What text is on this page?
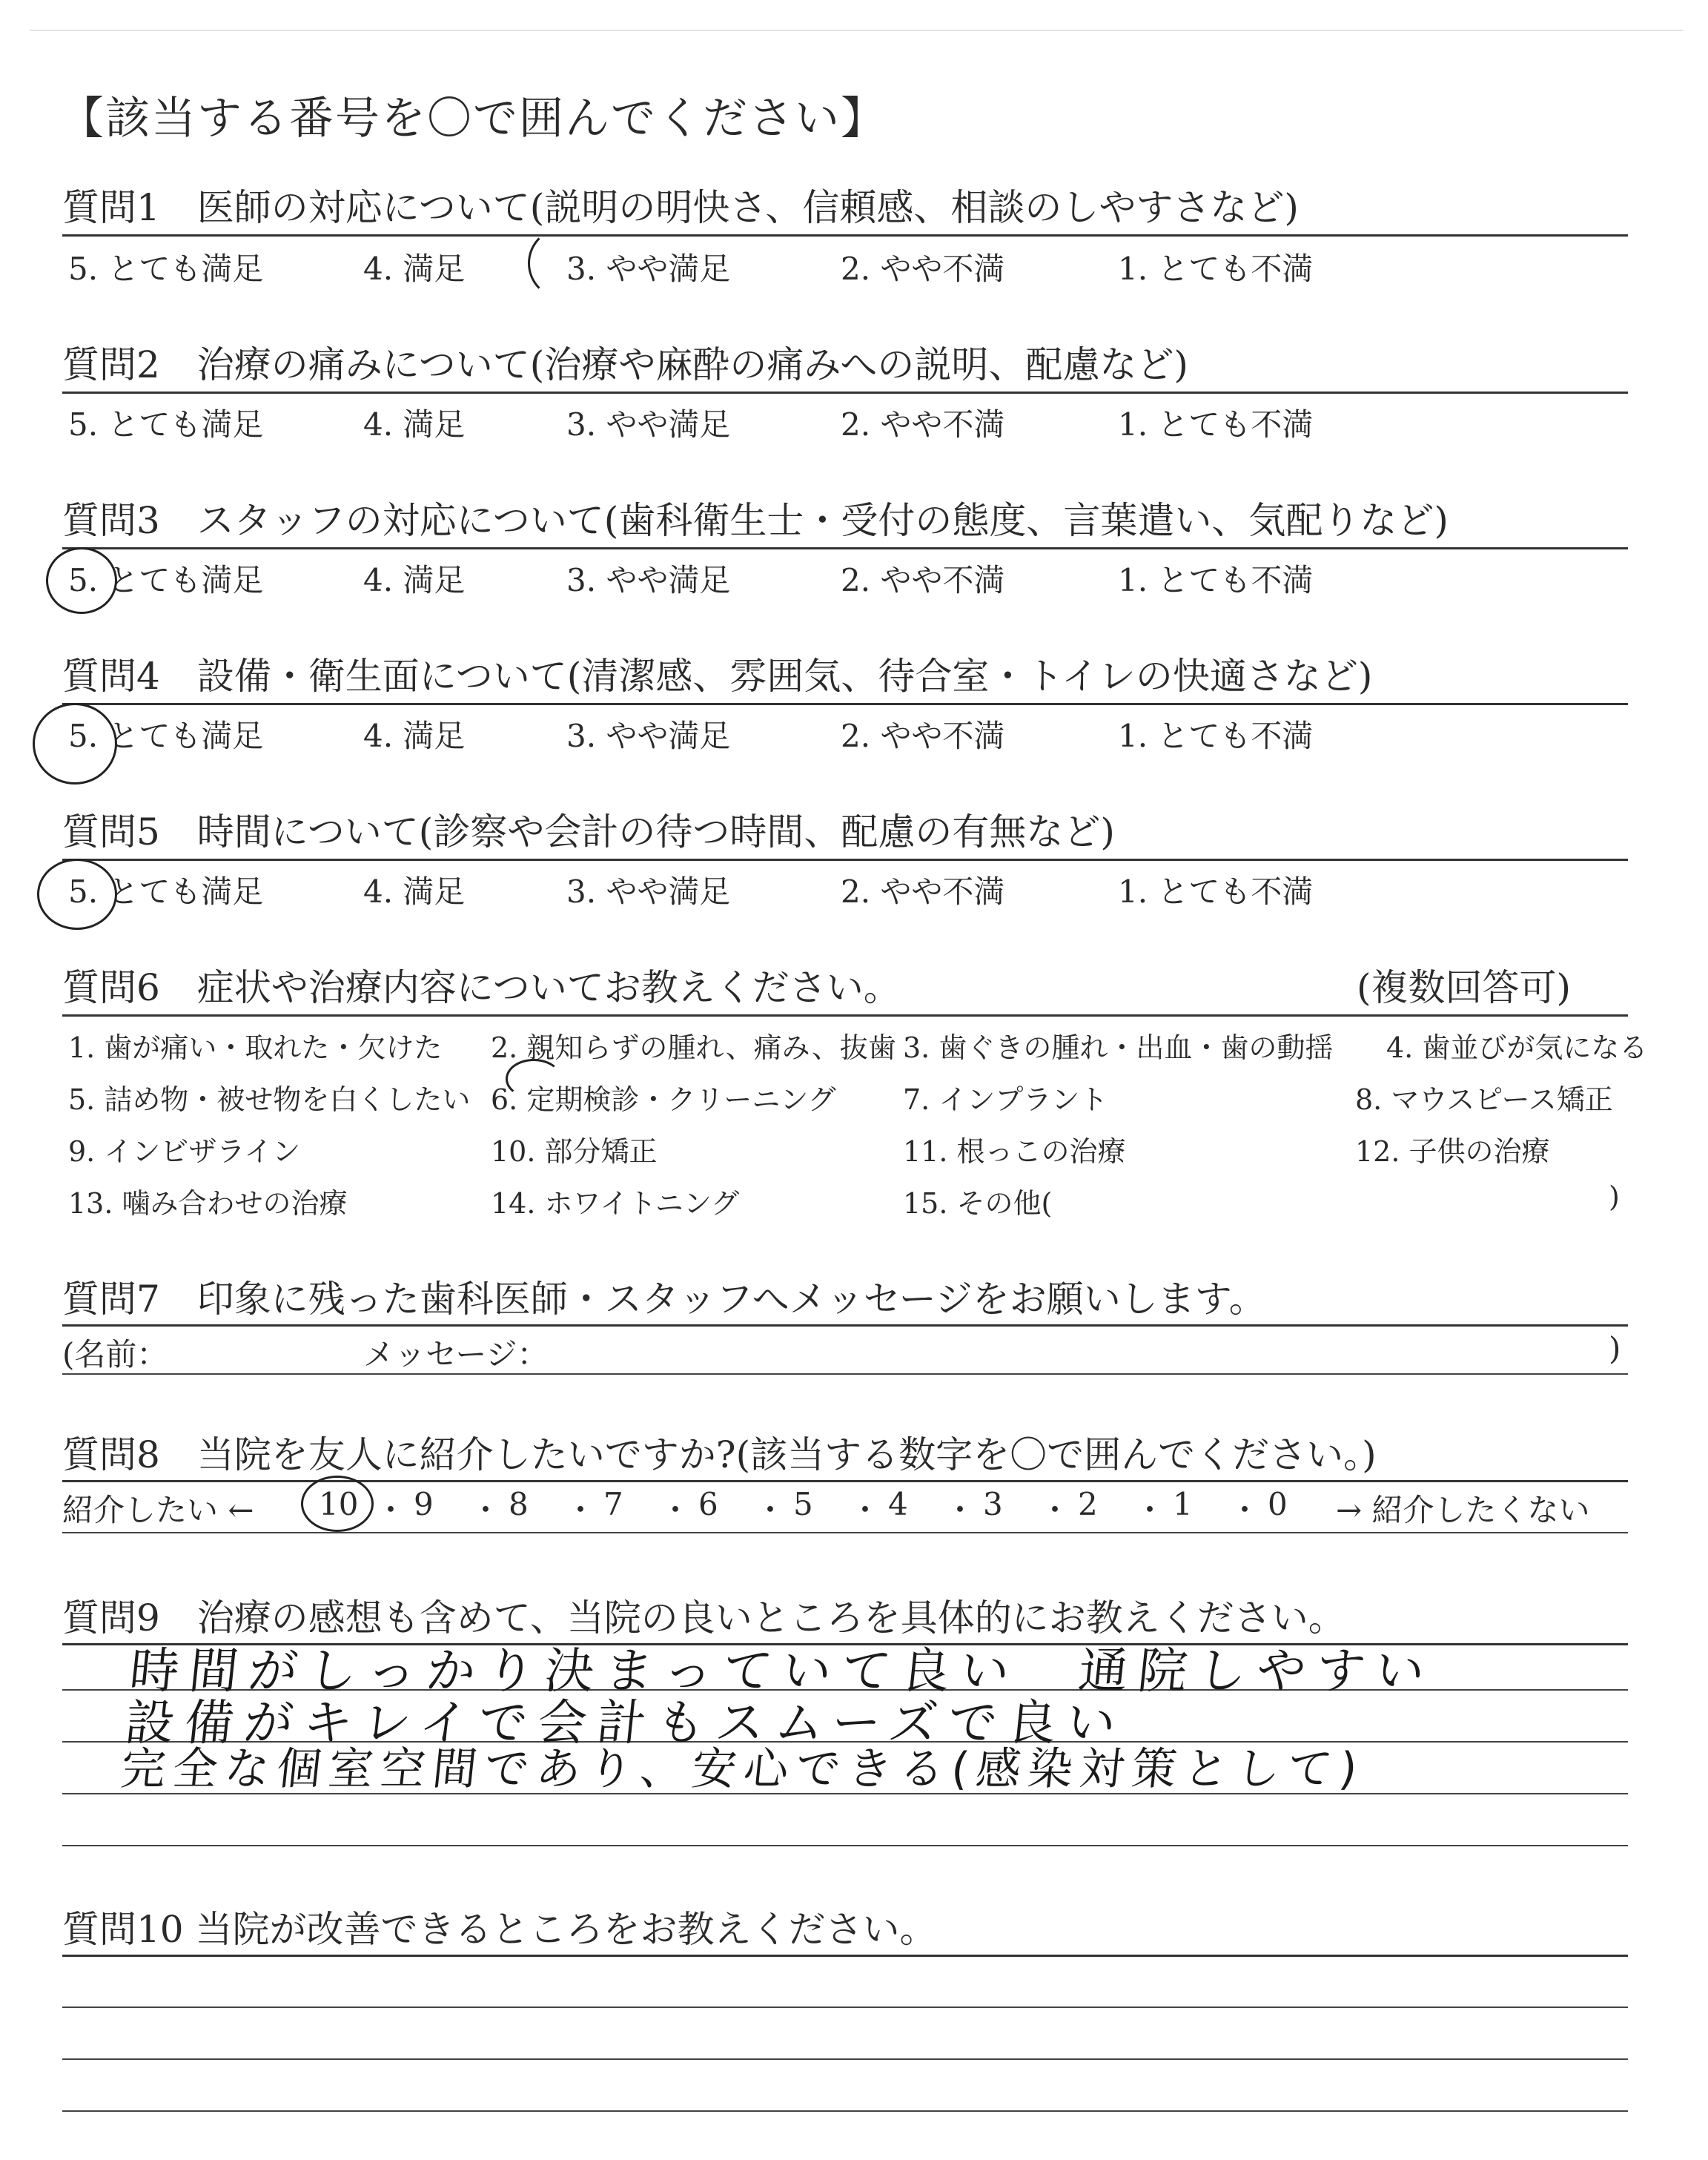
【該当する番号を〇で囲んでください】
質問1　医師の対応について(説明の明快さ、信頼感、相談のしやすさなど)
5. とても満足	4. 満足	3. やや満足	2. やや不満	1. とても不満
質問2　治療の痛みについて(治療や麻酔の痛みへの説明、配慮など)
5. とても満足	4. 満足	3. やや満足	2. やや不満	1. とても不満
質問3　スタッフの対応について(歯科衛生士・受付の態度、言葉遣い、気配りなど)
5. とても満足	4. 満足	3. やや満足	2. やや不満	1. とても不満
質問4　設備・衛生面について(清潔感、雰囲気、待合室・トイレの快適さなど)
5. とても満足	4. 満足	3. やや満足	2. やや不満	1. とても不満
質問5　時間について(診察や会計の待つ時間、配慮の有無など)
5. とても満足	4. 満足	3. やや満足	2. やや不満	1. とても不満
質問6　症状や治療内容についてお教えください。	(複数回答可)
1. 歯が痛い・取れた・欠けた 2. 親知らずの腫れ、痛み、抜歯 3. 歯ぐきの腫れ・出血・歯の動揺 4. 歯並びが気になる
5. 詰め物・被せ物を白くしたい 6. 定期検診・クリーニング 7. インプラント	8. マウスピース矯正
9. インビザライン	10. 部分矯正	11. 根っこの治療	12. 子供の治療
13. 噛み合わせの治療	14. ホワイトニング	15. その他(	)
質問7　印象に残った歯科医師・スタッフへメッセージをお願いします。
(名前：	メッセージ：	)
質問8　当院を友人に紹介したいですか?(該当する数字を〇で囲んでください。)
紹介したい ←	→ 紹介したくない
10 ・ 9 ・ 8 ・ 7 ・ 6 ・ 5 ・ 4 ・ 3 ・ 2 ・ 1 ・ 0
質問9　治療の感想も含めて、当院の良いところを具体的にお教えください。
時間がしっかり決まっていて良い　通院しやすい
設備がキレイで会計もスムーズで良い
完全な個室空間であり、安心できる(感染対策として)
質問10 当院が改善できるところをお教えください。
